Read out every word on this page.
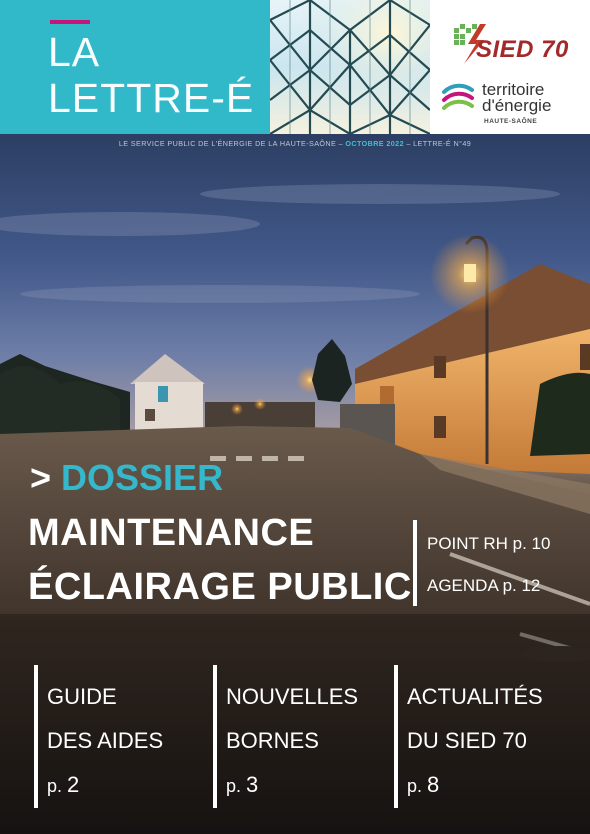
LA
LETTRE-É
SIED 70
territoire
d'énergie
HAUTE-SAÔNE
LE SERVICE PUBLIC DE L'ÉNERGIE DE LA HAUTE-SAÔNE – OCTOBRE 2022 – LETTRE-É N°49
> DOSSIER
MAINTENANCE
ÉCLAIRAGE PUBLIC
POINT RH p. 10
AGENDA p. 12
GUIDE
DES AIDES
p. 2
NOUVELLES
BORNES
p. 3
ACTUALITÉS
DU SIED 70
p. 8
